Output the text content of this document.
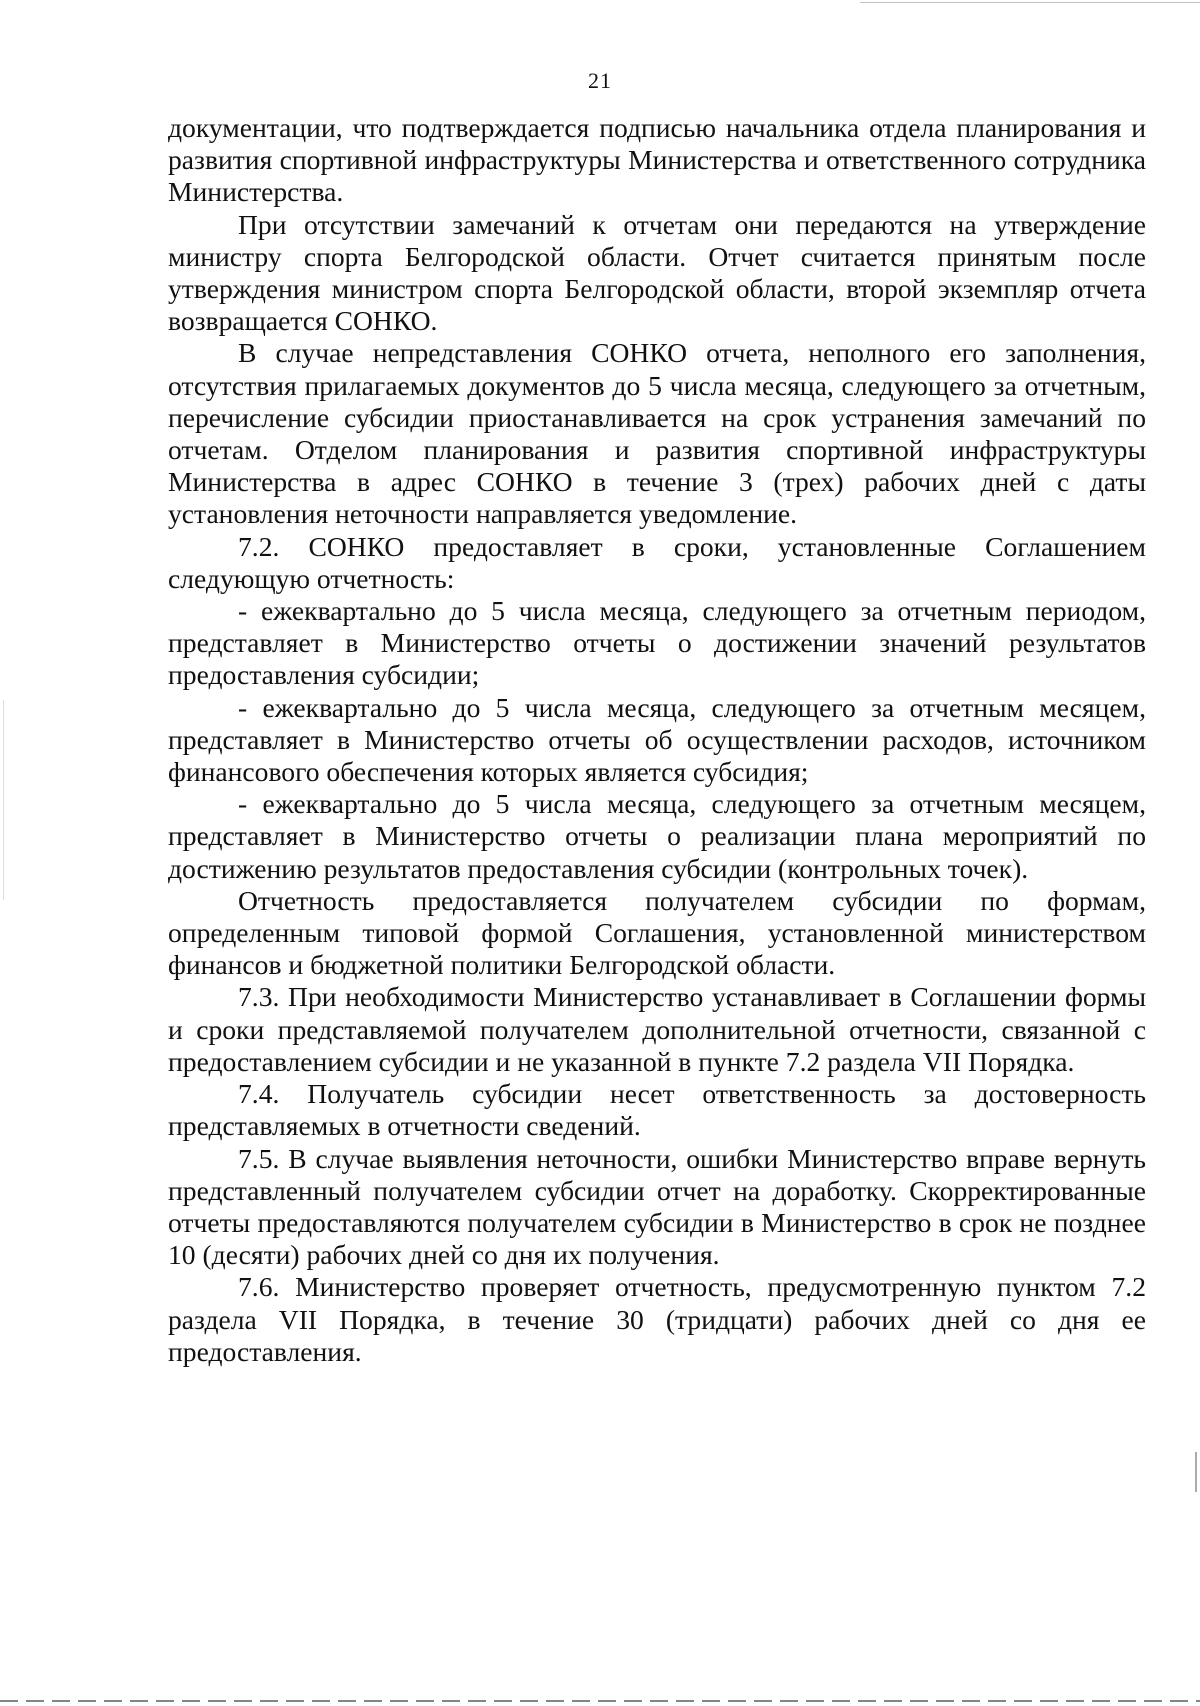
21

документации, что подтверждается подписью начальника отдела планирования и развития спортивной инфраструктуры Министерства и ответственного сотрудника Министерства.

При отсутствии замечаний к отчетам они передаются на утверждение министру спорта Белгородской области. Отчет считается принятым после утверждения министром спорта Белгородской области, второй экземпляр отчета возвращается СОНКО.

В случае непредставления СОНКО отчета, неполного его заполнения, отсутствия прилагаемых документов до 5 числа месяца, следующего за отчетным, перечисление субсидии приостанавливается на срок устранения замечаний по отчетам. Отделом планирования и развития спортивной инфраструктуры Министерства в адрес СОНКО в течение 3 (трех) рабочих дней с даты установления неточности направляется уведомление.

7.2. СОНКО предоставляет в сроки, установленные Соглашением следующую отчетность:

- ежеквартально до 5 числа месяца, следующего за отчетным периодом, представляет в Министерство отчеты о достижении значений результатов предоставления субсидии;

- ежеквартально до 5 числа месяца, следующего за отчетным месяцем, представляет в Министерство отчеты об осуществлении расходов, источником финансового обеспечения которых является субсидия;

- ежеквартально до 5 числа месяца, следующего за отчетным месяцем, представляет в Министерство отчеты о реализации плана мероприятий по достижению результатов предоставления субсидии (контрольных точек).

Отчетность предоставляется получателем субсидии по формам, определенным типовой формой Соглашения, установленной министерством финансов и бюджетной политики Белгородской области.

7.3. При необходимости Министерство устанавливает в Соглашении формы и сроки представляемой получателем дополнительной отчетности, связанной с предоставлением субсидии и не указанной в пункте 7.2 раздела VII Порядка.

7.4. Получатель субсидии несет ответственность за достоверность представляемых в отчетности сведений.

7.5. В случае выявления неточности, ошибки Министерство вправе вернуть представленный получателем субсидии отчет на доработку. Скорректированные отчеты предоставляются получателем субсидии в Министерство в срок не позднее 10 (десяти) рабочих дней со дня их получения.

7.6. Министерство проверяет отчетность, предусмотренную пунктом 7.2 раздела VII Порядка, в течение 30 (тридцати) рабочих дней со дня ее предоставления.
